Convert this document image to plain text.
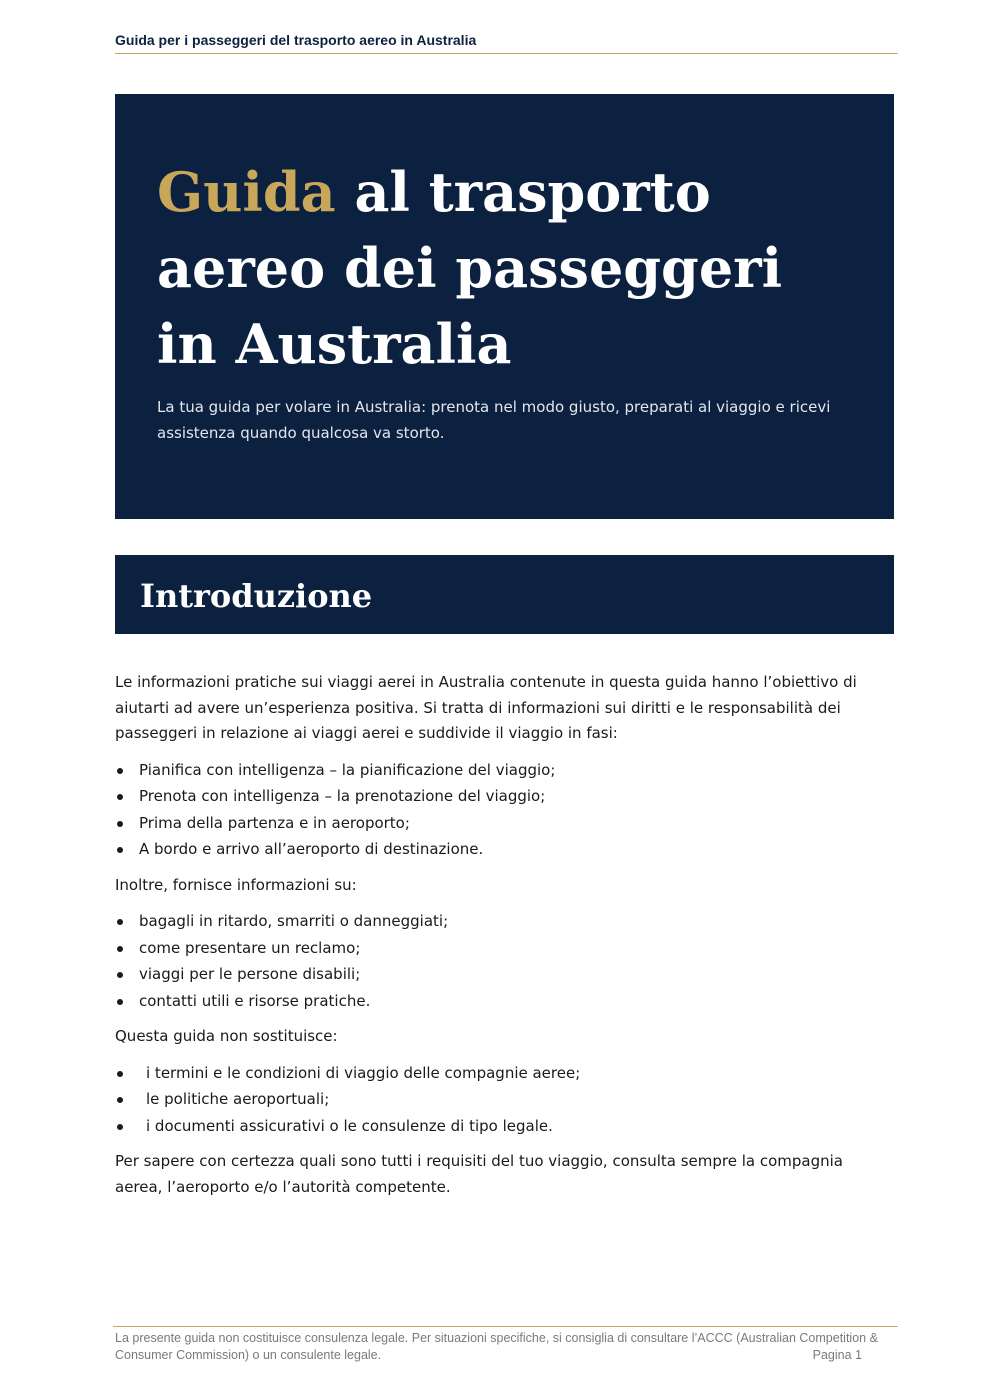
Guida per i passeggeri del trasporto aereo in Australia
Guida al trasporto aereo dei passeggeri in Australia

La tua guida per volare in Australia: prenota nel modo giusto, preparati al viaggio e ricevi assistenza quando qualcosa va storto.

Introduzione

Le informazioni pratiche sui viaggi aerei in Australia contenute in questa guida hanno l’obiettivo di aiutarti ad avere un’esperienza positiva. Si tratta di informazioni sui diritti e le responsabilità dei passeggeri in relazione ai viaggi aerei e suddivide il viaggio in fasi:

Pianifica con intelligenza – la pianificazione del viaggio;
Prenota con intelligenza – la prenotazione del viaggio;
Prima della partenza e in aeroporto;
A bordo e arrivo all’aeroporto di destinazione.

Inoltre, fornisce informazioni su:

bagagli in ritardo, smarriti o danneggiati;
come presentare un reclamo;
viaggi per le persone disabili;
contatti utili e risorse pratiche.

Questa guida non sostituisce:

i termini e le condizioni di viaggio delle compagnie aeree;
le politiche aeroportuali;
i documenti assicurativi o le consulenze di tipo legale.

Per sapere con certezza quali sono tutti i requisiti del tuo viaggio, consulta sempre la compagnia aerea, l’aeroporto e/o l’autorità competente.

La presente guida non costituisce consulenza legale. Per situazioni specifiche, si consiglia di consultare l’ACCC (Australian Competition & Consumer Commission) o un consulente legale.	Pagina 1
